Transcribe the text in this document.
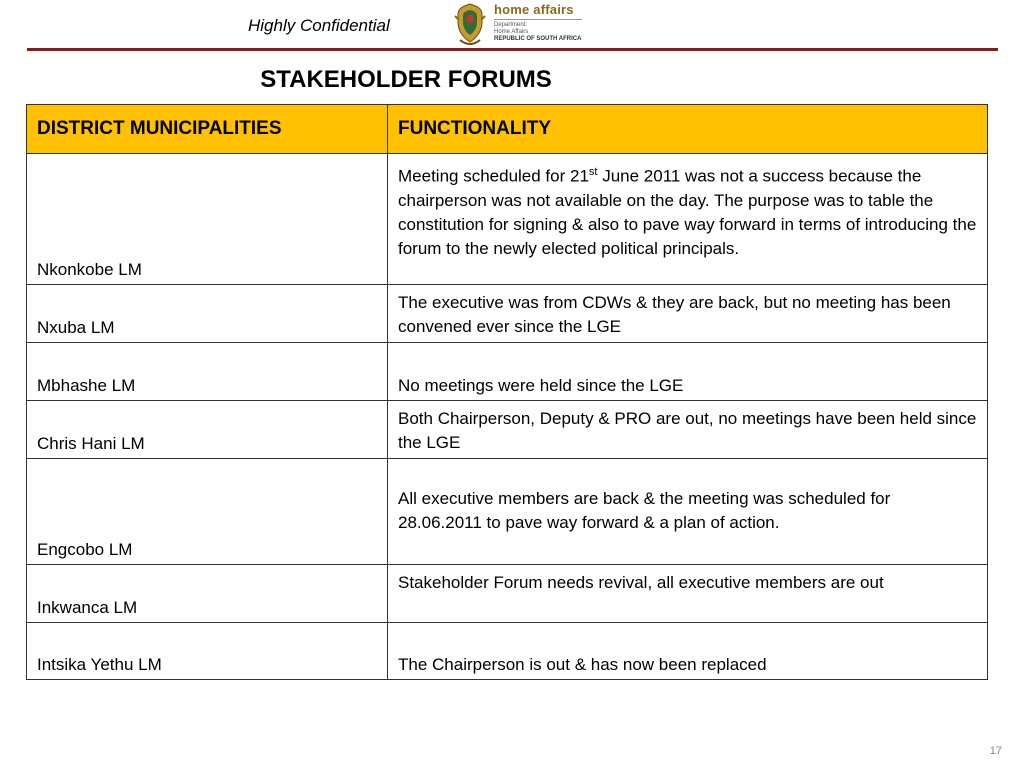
Highly Confidential
home affairs
Department:
Home Affairs
REPUBLIC OF SOUTH AFRICA
STAKEHOLDER FORUMS
DISTRICT MUNICIPALITIES	FUNCTIONALITY
Nkonkobe LM	Meeting scheduled for 21st June 2011 was not a success because the chairperson was not available on the day. The purpose was to table the constitution for signing & also to pave way forward in terms of introducing the forum to the newly elected political principals.
Nxuba LM	The executive was from CDWs & they are back, but no meeting has been convened ever since the LGE
Mbhashe LM	No meetings were held since the LGE
Chris Hani LM	Both Chairperson, Deputy & PRO are out, no meetings have been held since the LGE
Engcobo LM	All executive members are back & the meeting was scheduled for 28.06.2011 to pave way forward & a plan of action.
Inkwanca LM	Stakeholder Forum needs revival, all executive members are out
Intsika Yethu LM	The Chairperson is out & has now been replaced
17
